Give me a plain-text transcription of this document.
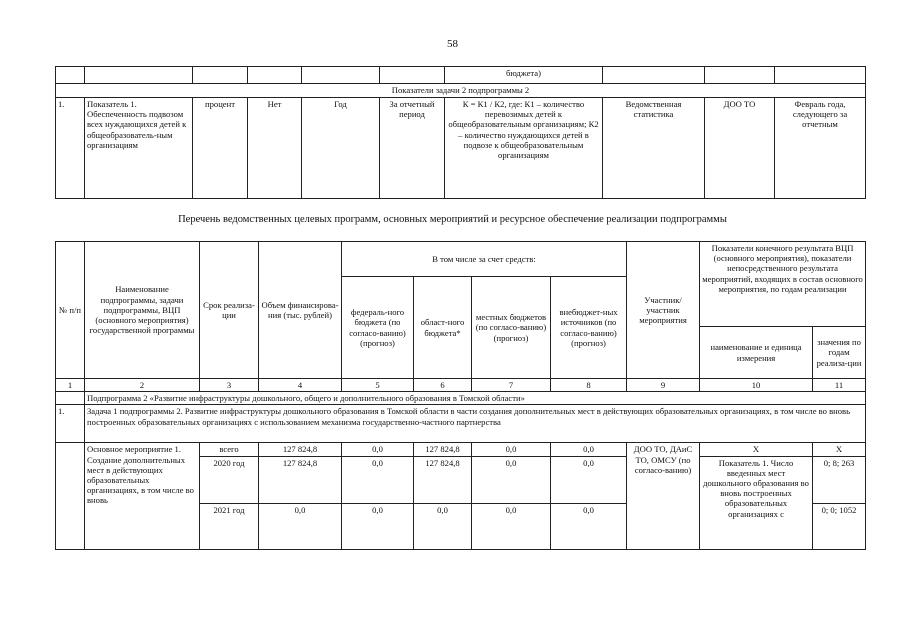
58
						бюджета)			
Показатели задачи 2 подпрограммы 2									
1.	Показатель 1. Обеспеченность подвозом всех нуждающихся детей к общеобразователь-ным организациям	процент	Нет	Год	За отчетный период	К = К1 / К2, где: К1 – количество перевозимых детей к общеобразовательным организациям; К2 – количество нуждающихся детей в подвозе к общеобразовательным организациям	Ведомственная статистика	ДОО ТО	Февраль года, следующего за отчетным
Перечень ведомственных целевых программ, основных мероприятий и ресурсное обеспечение реализации подпрограммы
№ п/п	Наименование подпрограммы, задачи подпрограммы, ВЦП (основного мероприятия) государственной программы	Срок реализа-ции	Объем финансирова-ния (тыс. рублей)	В том числе за счет средств:				Участник/ участник мероприятия	Показатели конечного результата ВЦП (основного мероприятия), показатели непосредственного результата мероприятий, входящих в состав основного мероприятия, по годам реализации	
				федераль-ного бюджета (по согласо-ванию) (прогноз)	област-ного бюджета*	местных бюджетов (по согласо-ванию) (прогноз)	внебюджет-ных источников (по согласо-ванию) (прогноз)			
									наименование и единица измерения	значения по годам реализа-ции
1	2	3	4	5	6	7	8	9	10	11
	Подпрограмма 2 «Развитие инфраструктуры дошкольного, общего и дополнительного образования в Томской области»									
1.	Задача 1 подпрограммы 2. Развитие инфраструктуры дошкольного образования в Томской области в части создания дополнительных мест в действующих образовательных организациях, в том числе во вновь построенных образовательных организациях с использованием механизма государственно-частного партнерства									
	Основное мероприятие 1. Создание дополнительных мест в действующих образовательных организациях, в том числе во вновь	всего	127 824,8	0,0	127 824,8	0,0	0,0	ДОО ТО, ДАиС ТО, ОМСУ (по согласо-ванию)	Х	Х
		2020 год	127 824,8	0,0	127 824,8	0,0	0,0		Показатель 1. Число введенных мест дошкольного образования во вновь построенных образовательных организациях с	0; 8; 263
		2021 год	0,0	0,0	0,0	0,0	0,0			0; 0; 1052
